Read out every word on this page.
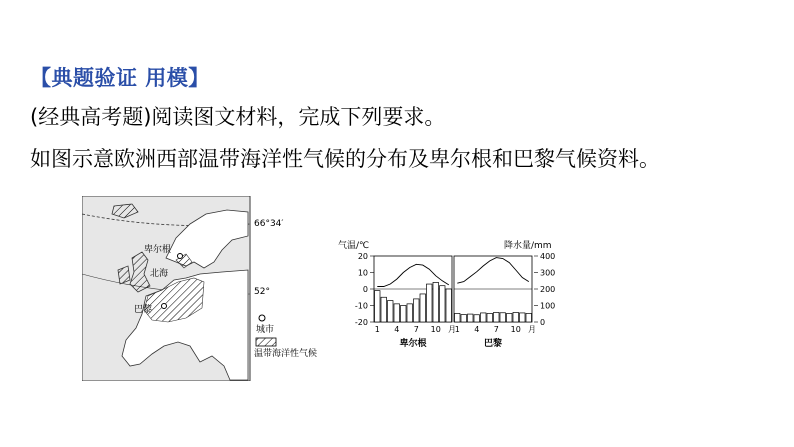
【典题验证 用模】
(经典高考题)阅读图文材料，完成下列要求。
如图示意欧洲西部温带海洋性气候的分布及卑尔根和巴黎气候资料。
卑尔根
北海
巴黎
66°34′
52°
城市
温带海洋性气候
气温/℃	降水量/mm
20
10
0
-10
-20
400
300
200
100
0
1 4 7 10 月
卑尔根
1 4 7 10 月
巴黎
